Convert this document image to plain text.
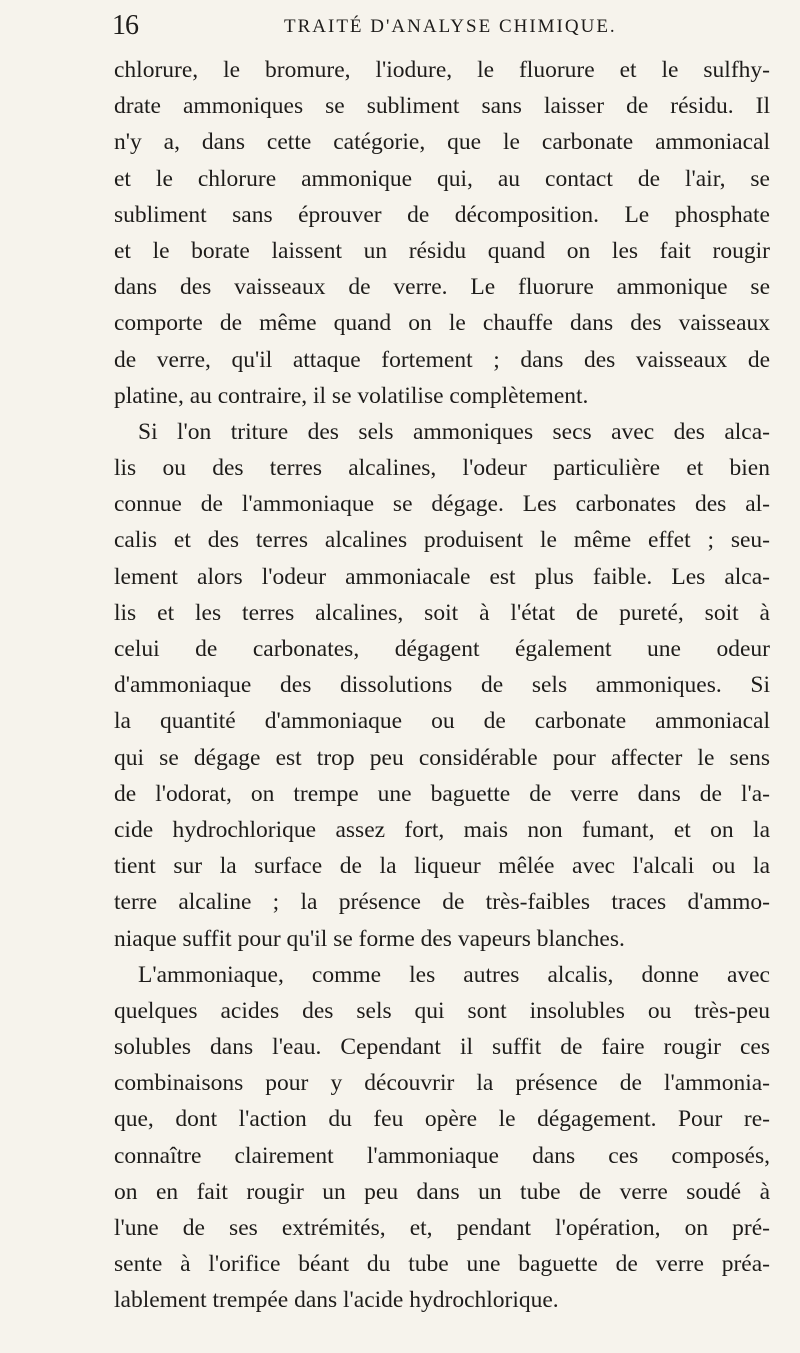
16	TRAITÉ D'ANALYSE CHIMIQUE.
chlorure, le bromure, l'iodure, le fluorure et le sulfhy-
drate ammoniques se subliment sans laisser de résidu. Il
n'y a, dans cette catégorie, que le carbonate ammoniacal
et le chlorure ammonique qui, au contact de l'air, se
subliment sans éprouver de décomposition. Le phosphate
et le borate laissent un résidu quand on les fait rougir
dans des vaisseaux de verre. Le fluorure ammonique se
comporte de même quand on le chauffe dans des vaisseaux
de verre, qu'il attaque fortement ; dans des vaisseaux de
platine, au contraire, il se volatilise complètement.
Si l'on triture des sels ammoniques secs avec des alca-
lis ou des terres alcalines, l'odeur particulière et bien
connue de l'ammoniaque se dégage. Les carbonates des al-
calis et des terres alcalines produisent le même effet ; seu-
lement alors l'odeur ammoniacale est plus faible. Les alca-
lis et les terres alcalines, soit à l'état de pureté, soit à
celui de carbonates, dégagent également une odeur
d'ammoniaque des dissolutions de sels ammoniques. Si
la quantité d'ammoniaque ou de carbonate ammoniacal
qui se dégage est trop peu considérable pour affecter le sens
de l'odorat, on trempe une baguette de verre dans de l'a-
cide hydrochlorique assez fort, mais non fumant, et on la
tient sur la surface de la liqueur mêlée avec l'alcali ou la
terre alcaline ; la présence de très-faibles traces d'ammo-
niaque suffit pour qu'il se forme des vapeurs blanches.
L'ammoniaque, comme les autres alcalis, donne avec
quelques acides des sels qui sont insolubles ou très-peu
solubles dans l'eau. Cependant il suffit de faire rougir ces
combinaisons pour y découvrir la présence de l'ammonia-
que, dont l'action du feu opère le dégagement. Pour re-
connaître clairement l'ammoniaque dans ces composés,
on en fait rougir un peu dans un tube de verre soudé à
l'une de ses extrémités, et, pendant l'opération, on pré-
sente à l'orifice béant du tube une baguette de verre préa-
lablement trempée dans l'acide hydrochlorique.
